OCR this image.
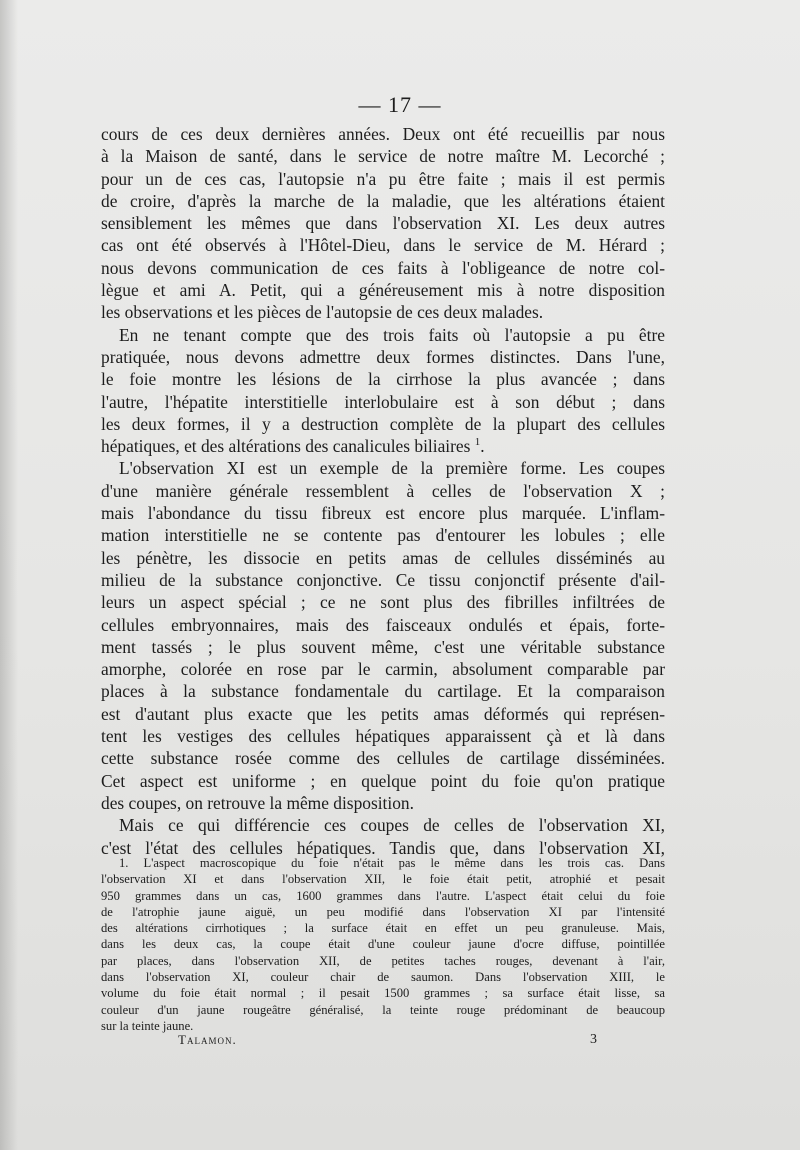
— 17 —

cours de ces deux dernières années. Deux ont été recueillis par nous
à la Maison de santé, dans le service de notre maître M. Lecorché ;
pour un de ces cas, l'autopsie n'a pu être faite ; mais il est permis
de croire, d'après la marche de la maladie, que les altérations étaient
sensiblement les mêmes que dans l'observation XI. Les deux autres
cas ont été observés à l'Hôtel-Dieu, dans le service de M. Hérard ;
nous devons communication de ces faits à l'obligeance de notre col-
lègue et ami A. Petit, qui a généreusement mis à notre disposition
les observations et les pièces de l'autopsie de ces deux malades.

En ne tenant compte que des trois faits où l'autopsie a pu être
pratiquée, nous devons admettre deux formes distinctes. Dans l'une,
le foie montre les lésions de la cirrhose la plus avancée ; dans
l'autre, l'hépatite interstitielle interlobulaire est à son début ; dans
les deux formes, il y a destruction complète de la plupart des cellules
hépatiques, et des altérations des canalicules biliaires $^1$.

L'observation XI est un exemple de la première forme. Les coupes
d'une manière générale ressemblent à celles de l'observation X ;
mais l'abondance du tissu fibreux est encore plus marquée. L'inflam-
mation interstitielle ne se contente pas d'entourer les lobules ; elle
les pénètre, les dissocie en petits amas de cellules disséminés au
milieu de la substance conjonctive. Ce tissu conjonctif présente d'ail-
leurs un aspect spécial ; ce ne sont plus des fibrilles infiltrées de
cellules embryonnaires, mais des faisceaux ondulés et épais, forte-
ment tassés ; le plus souvent même, c'est une véritable substance
amorphe, colorée en rose par le carmin, absolument comparable par
places à la substance fondamentale du cartilage. Et la comparaison
est d'autant plus exacte que les petits amas déformés qui représen-
tent les vestiges des cellules hépatiques apparaissent çà et là dans
cette substance rosée comme des cellules de cartilage disséminées.
Cet aspect est uniforme ; en quelque point du foie qu'on pratique
des coupes, on retrouve la même disposition.

Mais ce qui différencie ces coupes de celles de l'observation XI,
c'est l'état des cellules hépatiques. Tandis que, dans l'observation XI,

1. L'aspect macroscopique du foie n'était pas le même dans les trois cas. Dans
l'observation XI et dans l'observation XII, le foie était petit, atrophié et pesait
950 grammes dans un cas, 1600 grammes dans l'autre. L'aspect était celui du foie
de l'atrophie jaune aiguë, un peu modifié dans l'observation XI par l'intensité
des altérations cirrhotiques ; la surface était en effet un peu granuleuse. Mais,
dans les deux cas, la coupe était d'une couleur jaune d'ocre diffuse, pointillée
par places, dans l'observation XII, de petites taches rouges, devenant à l'air,
dans l'observation XI, couleur chair de saumon. Dans l'observation XIII, le
volume du foie était normal ; il pesait 1500 grammes ; sa surface était lisse, sa
couleur d'un jaune rougeâtre généralisé, la teinte rouge prédominant de beaucoup
sur la teinte jaune.

Talamon.	3
